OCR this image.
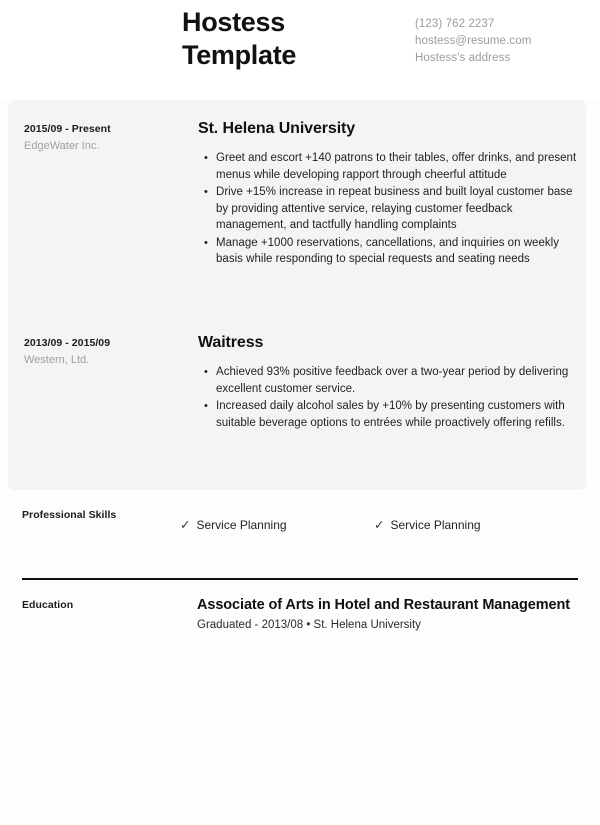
Hostess
Template
(123) 762 2237
hostess@resume.com
Hostess's address
2015/09 - Present
EdgeWater Inc.
St. Helena University
• Greet and escort +140 patrons to their tables, offer drinks, and present menus while developing rapport through cheerful attitude
• Drive +15% increase in repeat business and built loyal customer base by providing attentive service, relaying customer feedback management, and tactfully handling complaints
• Manage +1000 reservations, cancellations, and inquiries on weekly basis while responding to special requests and seating needs
2013/09 - 2015/09
Western, Ltd.
Waitress
• Achieved 93% positive feedback over a two-year period by delivering excellent customer service.
• Increased daily alcohol sales by +10% by presenting customers with suitable beverage options to entrées while proactively offering refills.
Professional Skills
✓ Service Planning	✓ Service Planning
Education	Associate of Arts in Hotel and Restaurant Management
Graduated - 2013/08 • St. Helena University
